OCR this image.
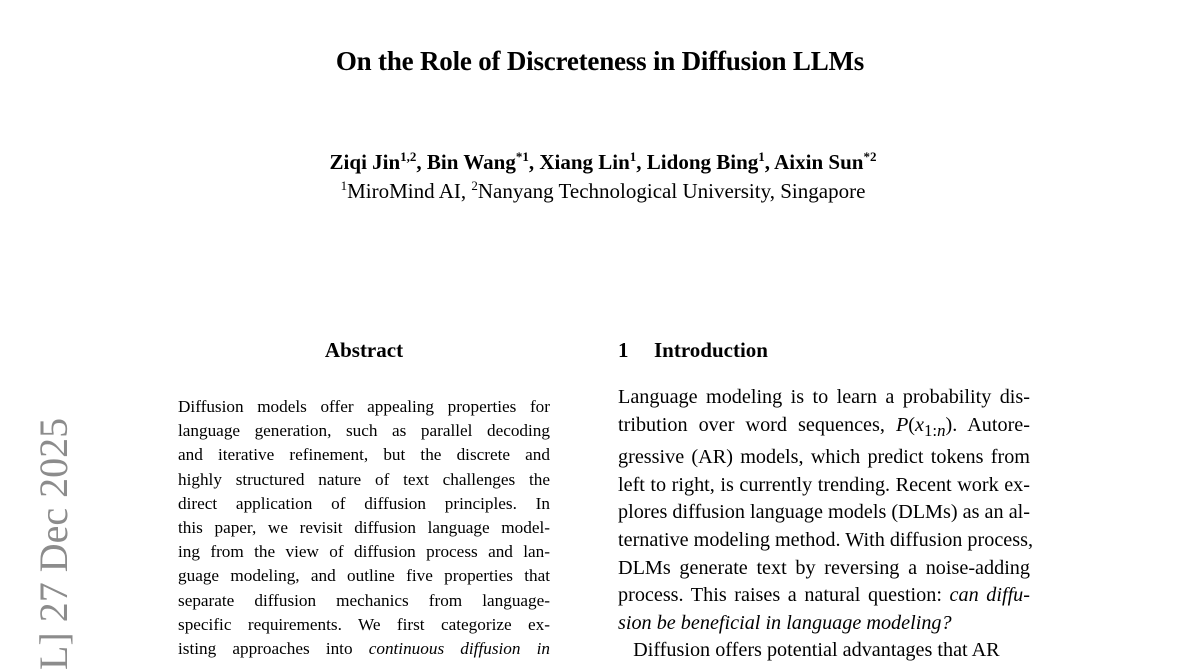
On the Role of Discreteness in Diffusion LLMs
Ziqi Jin$^{1,2}$, Bin Wang$^{*1}$, Xiang Lin$^1$, Lidong Bing$^1$, Aixin Sun$^{*2}$
$^1$MiroMind AI, $^2$Nanyang Technological University, Singapore
L] 27 Dec 2025
Abstract
Diffusion models offer appealing properties for
language generation, such as parallel decoding
and iterative refinement, but the discrete and
highly structured nature of text challenges the
direct application of diffusion principles. In
this paper, we revisit diffusion language model-
ing from the view of diffusion process and lan-
guage modeling, and outline five properties that
separate diffusion mechanics from language-
specific requirements. We first categorize ex-
isting approaches into continuous diffusion in
1 Introduction
Language modeling is to learn a probability dis-
tribution over word sequences, $P(x_{1:n})$. Autore-
gressive (AR) models, which predict tokens from
left to right, is currently trending. Recent work ex-
plores diffusion language models (DLMs) as an al-
ternative modeling method. With diffusion process,
DLMs generate text by reversing a noise-adding
process. This raises a natural question: can diffu-
sion be beneficial in language modeling?
Diffusion offers potential advantages that AR
